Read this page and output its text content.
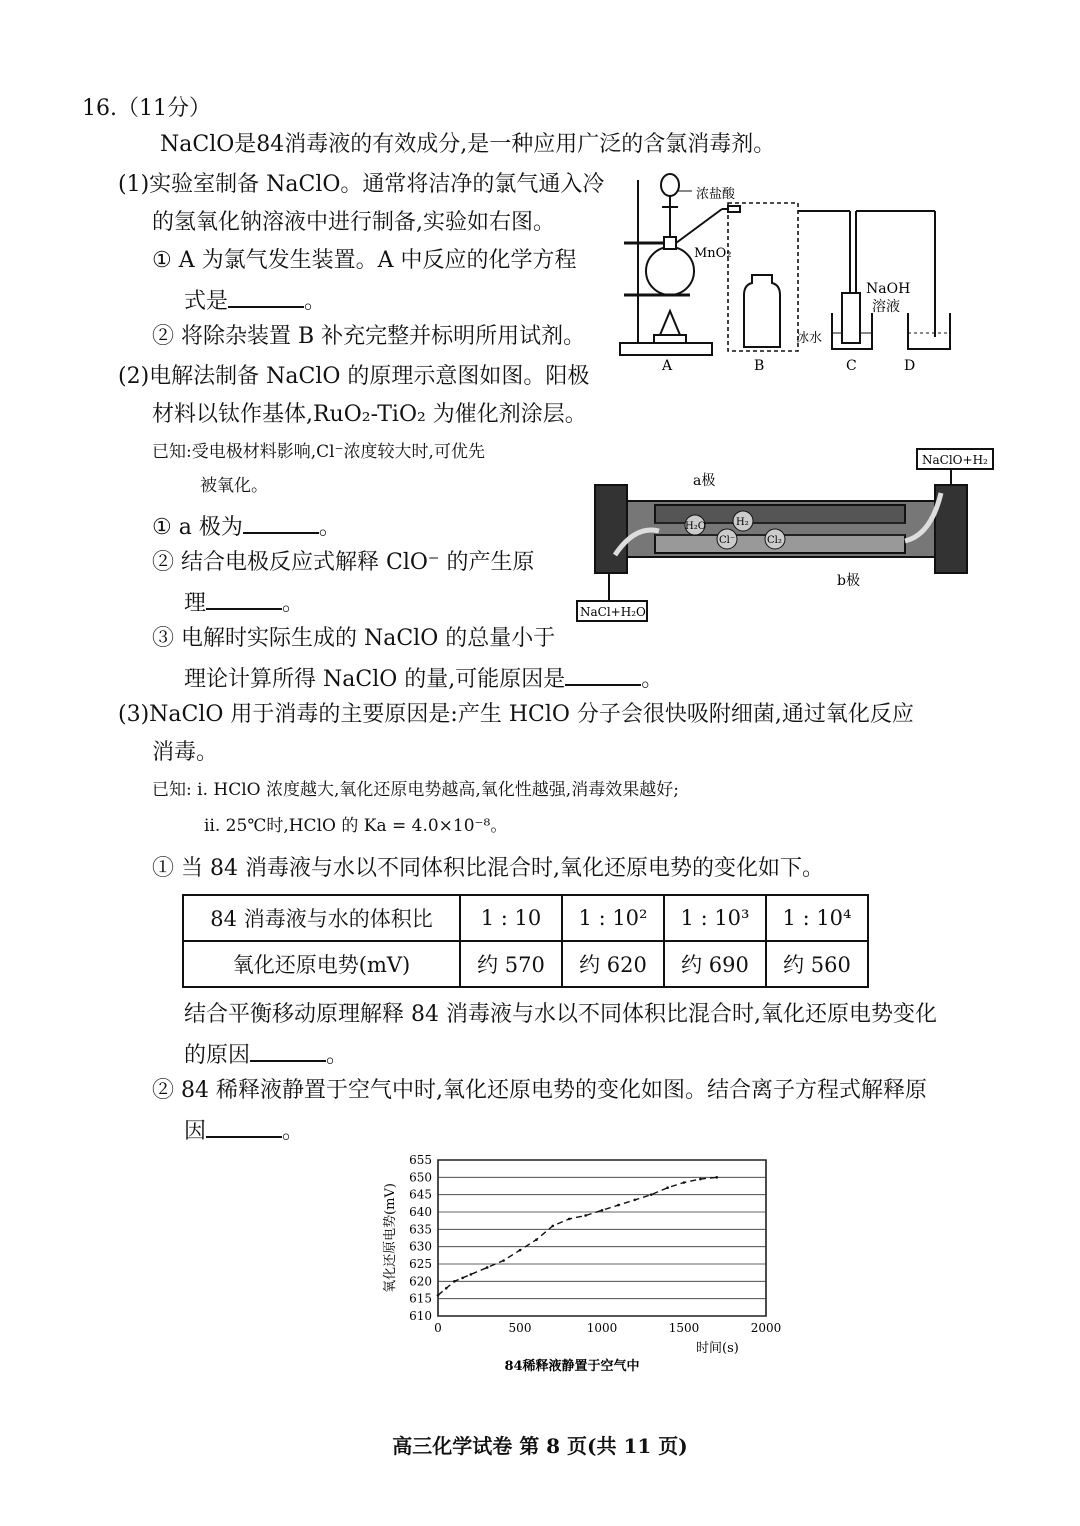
16.（11分）
NaClO是84消毒液的有效成分,是一种应用广泛的含氯消毒剂。
(1)实验室制备 NaClO。通常将洁净的氯气通入冷
的氢氧化钠溶液中进行制备,实验如右图。
① A 为氯气发生装置。A 中反应的化学方程
式是	。
② 将除杂装置 B 补充完整并标明所用试剂。
浓盐酸
MnO₂
NaOH
溶液
冰水
A	B	C	D
(2)电解法制备 NaClO 的原理示意图如图。阳极
材料以钛作基体,RuO₂-TiO₂ 为催化剂涂层。
已知:受电极材料影响,Cl⁻浓度较大时,可优先
被氧化。
① a 极为	。
② 结合电极反应式解释 ClO⁻ 的产生原
理	。
③ 电解时实际生成的 NaClO 的总量小于
理论计算所得 NaClO 的量,可能原因是	。
NaClO+H₂
NaCl+H₂O
a极
b极
H₂O	H₂
Cl⁻	Cl₂
(3)NaClO 用于消毒的主要原因是:产生 HClO 分子会很快吸附细菌,通过氧化反应
消毒。
已知: ⅰ. HClO 浓度越大,氧化还原电势越高,氧化性越强,消毒效果越好;
ⅱ. 25℃时,HClO 的 Ka = 4.0×10⁻⁸。
① 当 84 消毒液与水以不同体积比混合时,氧化还原电势的变化如下。
84 消毒液与水的体积比	1 : 10	1 : 10²	1 : 10³	1 : 10⁴
氧化还原电势(mV)	约 570	约 620	约 690	约 560
结合平衡移动原理解释 84 消毒液与水以不同体积比混合时,氧化还原电势变化
的原因	。
② 84 稀释液静置于空气中时,氧化还原电势的变化如图。结合离子方程式解释原
因	。
氧化还原电势(mV)
时间(s)
84稀释液静置于空气中
610
615
620
625
630
635
640
645
650
655
0	500	1000	1500	2000
高三化学试卷 第 8 页(共 11 页)
